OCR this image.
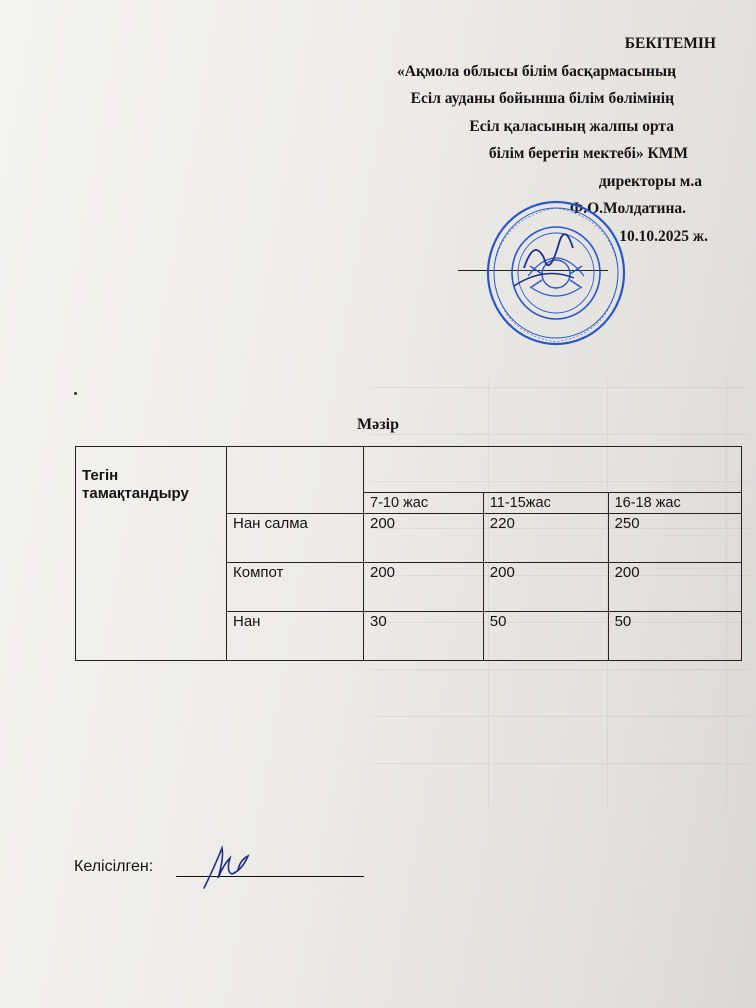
БЕКІТЕМІН
«Ақмола облысы білім басқармасының
Есіл ауданы бойынша білім бөлімінің
Есіл қаласының жалпы орта
білім беретін мектебі» КММ
директоры м.а
Ф.О.Молдатина.
10.10.2025 ж.
Мәзір
Тегін тамақтандыру				
		7-10 жас	11-15жас	16-18 жас
	Нан салма	200	220	250
	Компот	200	200	200
	Нан	30	50	50
Келісілген:
